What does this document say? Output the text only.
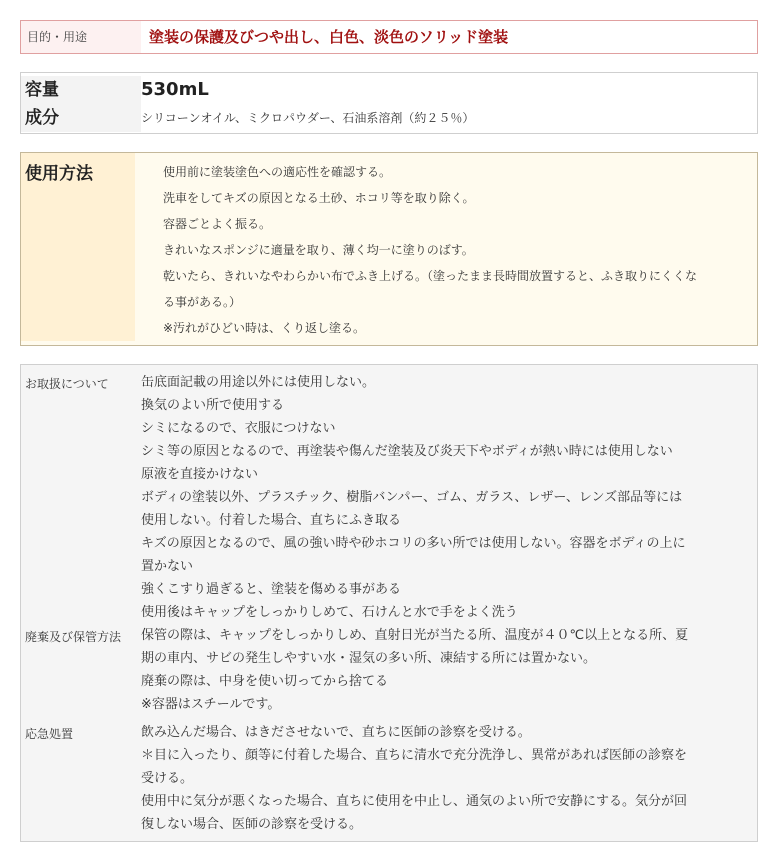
目的・用途	塗装の保護及びつや出し、白色、淡色のソリッド塗装
容量	530mL
成分	シリコーンオイル、ミクロパウダー、石油系溶剤（約２５％）
使用方法	使用前に塗装塗色への適応性を確認する。
洗車をしてキズの原因となる土砂、ホコリ等を取り除く。
容器ごとよく振る。
きれいなスポンジに適量を取り、薄く均一に塗りのばす。
乾いたら、きれいなやわらかい布でふき上げる。（塗ったまま長時間放置すると、ふき取りにくくな
る事がある。）
※汚れがひどい時は、くり返し塗る。
お取扱について 缶底面記載の用途以外には使用しない。
換気のよい所で使用する
シミになるので、衣服につけない
シミ等の原因となるので、再塗装や傷んだ塗装及び炎天下やボディが熱い時には使用しない
原液を直接かけない
ボディの塗装以外、プラスチック、樹脂バンパー、ゴム、ガラス、レザー、レンズ部品等には
使用しない。付着した場合、直ちにふき取る
キズの原因となるので、風の強い時や砂ホコリの多い所では使用しない。容器をボディの上に
置かない
強くこすり過ぎると、塗装を傷める事がある
使用後はキャップをしっかりしめて、石けんと水で手をよく洗う
廃棄及び保管方法 保管の際は、キャップをしっかりしめ、直射日光が当たる所、温度が４０℃以上となる所、夏
期の車内、サビの発生しやすい水・湿気の多い所、凍結する所には置かない。
廃棄の際は、中身を使い切ってから捨てる
※容器はスチールです。
応急処置	飲み込んだ場合、はきださせないで、直ちに医師の診察を受ける。
＊目に入ったり、顔等に付着した場合、直ちに清水で充分洗浄し、異常があれば医師の診察を
受ける。
使用中に気分が悪くなった場合、直ちに使用を中止し、通気のよい所で安静にする。気分が回
復しない場合、医師の診察を受ける。
